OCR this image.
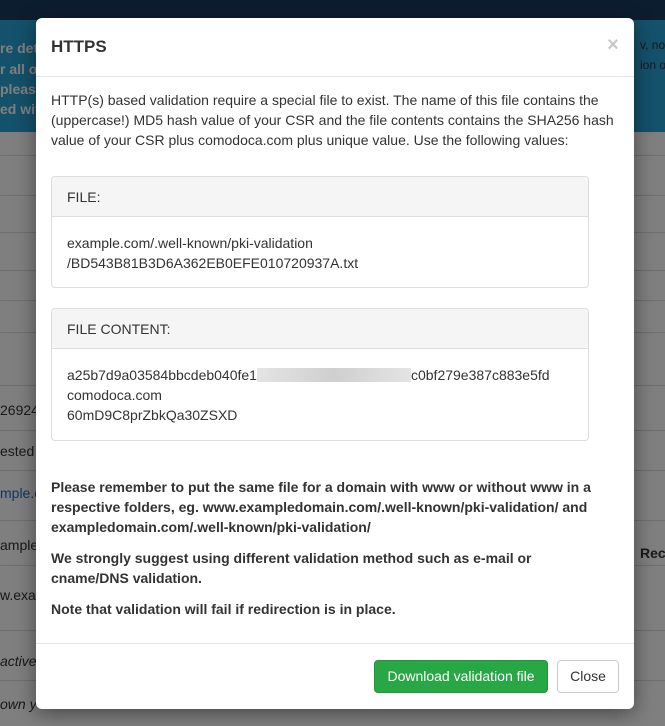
HTTPS	×

HTTP(s) based validation require a special file to exist. The name of this file contains the (uppercase!) MD5 hash value of your CSR and the file contents contains the SHA256 hash value of your CSR plus comodoca.com plus unique value. Use the following values:

FILE:
example.com/.well-known/pki-validation
/BD543B81B3D6A362EB0EFE010720937A.txt
FILE CONTENT:
a25b7d9a03584bbcdeb040fe1	c0bf279e387c883e5fd
comodoca.com
60mD9C8prZbkQa30ZSXD

Please remember to put the same file for a domain with www or without www in a respective folders, eg. www.exampledomain.com/.well-known/pki-validation/ and exampledomain.com/.well-known/pki-validation/

We strongly suggest using different validation method such as e-mail or cname/DNS validation.

Note that validation will fail if redirection is in place.

Download validation file	Close
